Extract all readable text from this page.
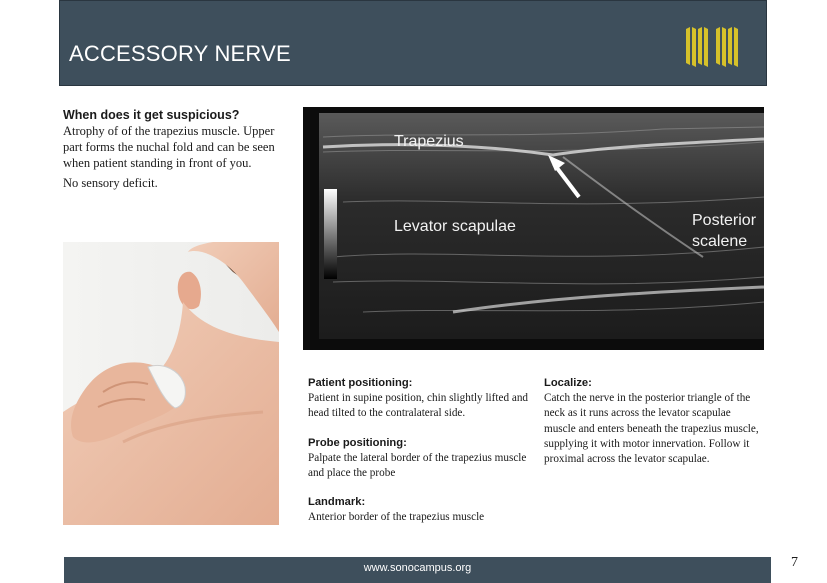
ACCESSORY NERVE

When does it get suspicious?

Atrophy of of the trapezius muscle. Upper part forms the nuchal fold and can be seen when patient standing in front of you.

No sensory deficit.

Trapezius
Levator scapulae	Posterior
scalene

Patient positioning:

Patient in supine position, chin slightly lifted and head tilted to the contralateral side.

Probe positioning:

Palpate the lateral border of the trapezius muscle and place the probe

Landmark:

Anterior border of the trapezius muscle

Localize:

Catch the nerve in the posterior triangle of the neck as it runs across the levator scapulae muscle and enters beneath the trapezius muscle, supplying it with motor innervation. Follow it proximal across the levator scapulae.

www.sonocampus.org	7
